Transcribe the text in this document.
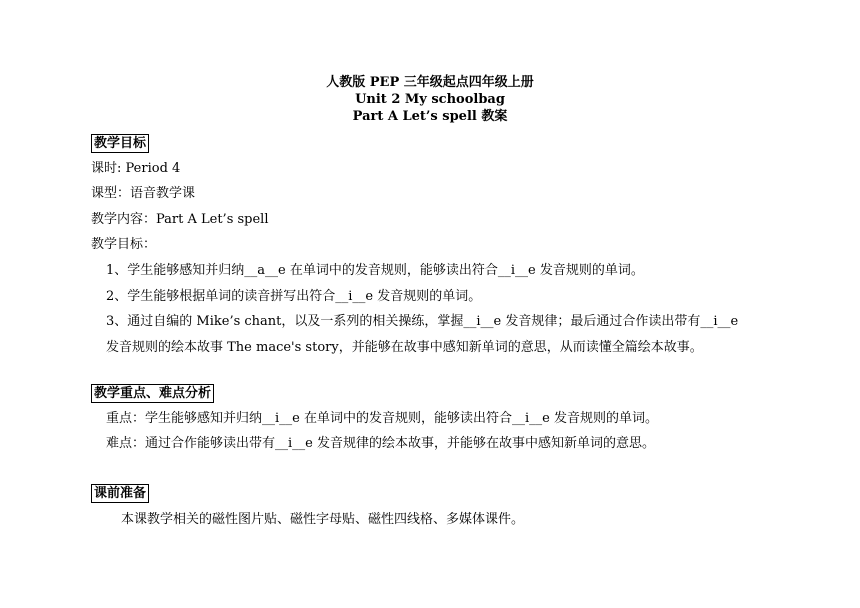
人教版 PEP 三年级起点四年级上册
Unit 2 My schoolbag
Part A Let’s spell 教案
教学目标
课时: Period 4
课型：语音教学课
教学内容：Part A Let’s spell
教学目标：
1、学生能够感知并归纳__a__e 在单词中的发音规则，能够读出符合__i__e 发音规则的单词。
2、学生能够根据单词的读音拼写出符合__i__e 发音规则的单词。
3、通过自编的 Mike’s chant，以及一系列的相关操练，掌握__i__e 发音规律；最后通过合作读出带有__i__e
发音规则的绘本故事 The mace's story，并能够在故事中感知新单词的意思，从而读懂全篇绘本故事。
教学重点、难点分析
重点：学生能够感知并归纳__i__e 在单词中的发音规则，能够读出符合__i__e 发音规则的单词。
难点：通过合作能够读出带有__i__e 发音规律的绘本故事，并能够在故事中感知新单词的意思。
课前准备
本课教学相关的磁性图片贴、磁性字母贴、磁性四线格、多媒体课件。
